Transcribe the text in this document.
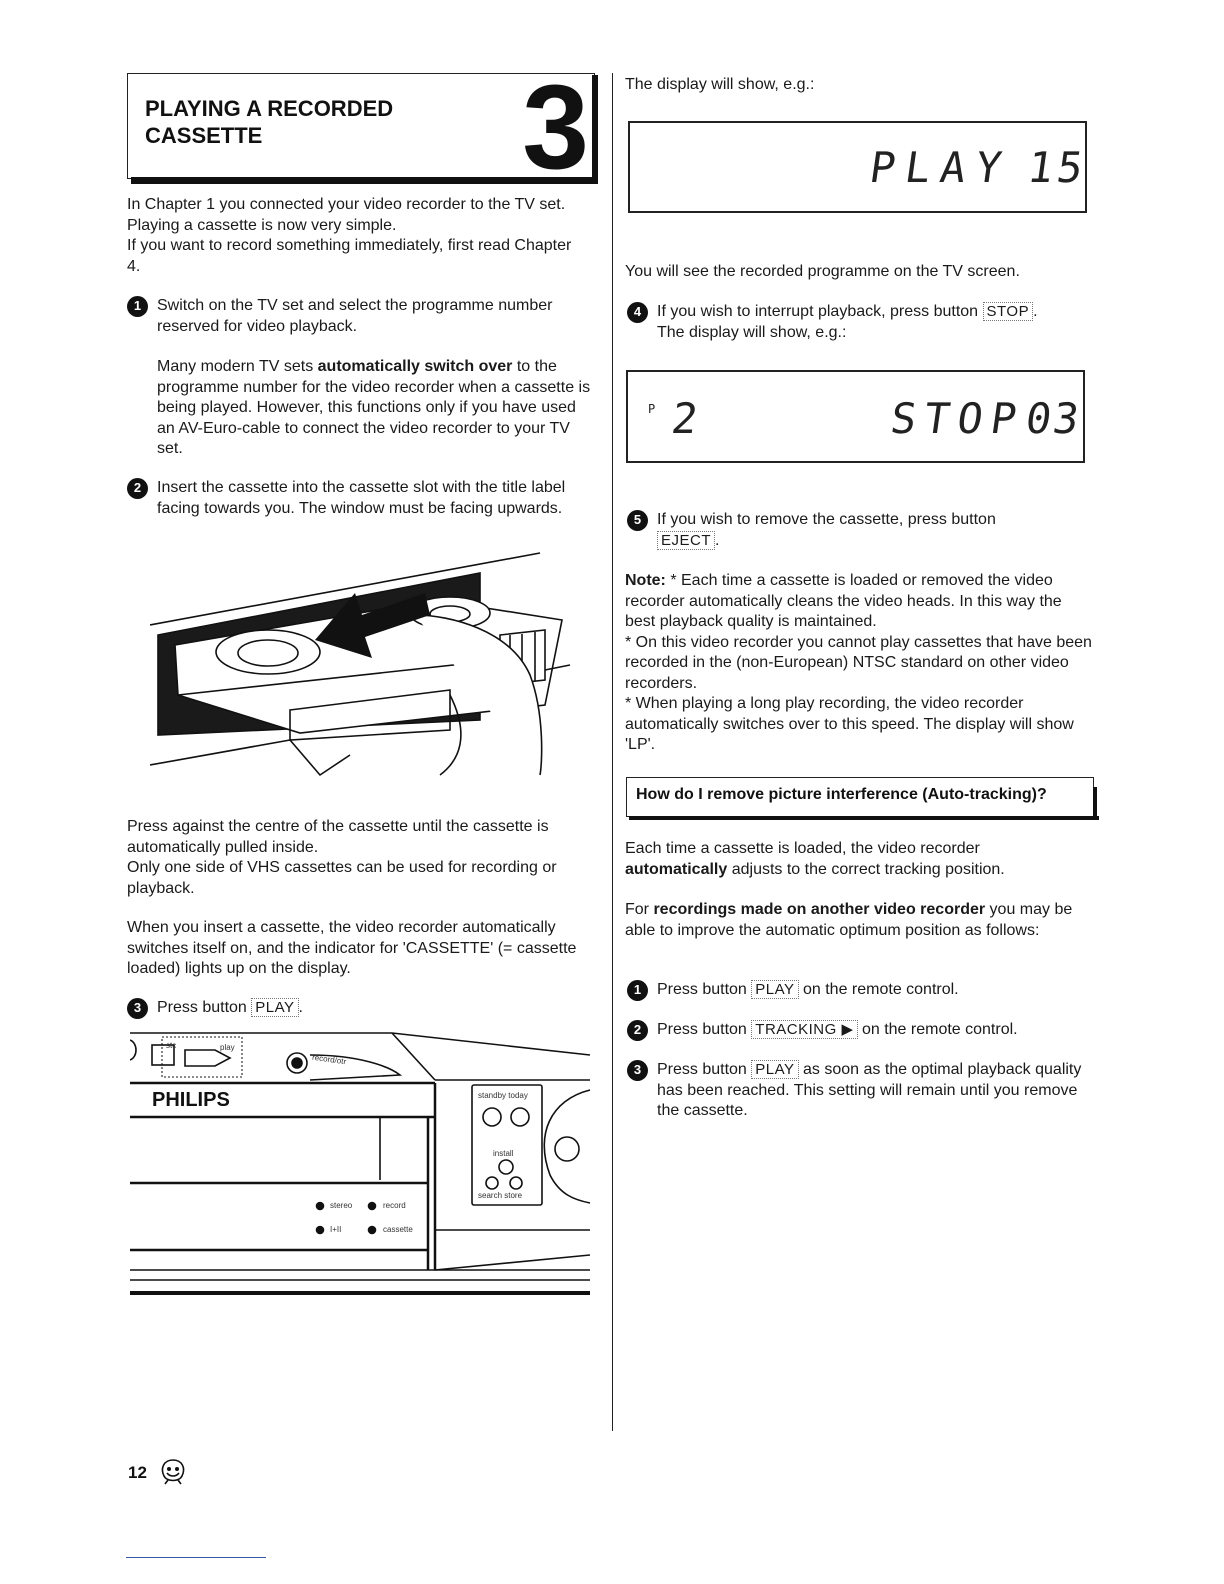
PLAYING A RECORDED
CASSETTE	3

In Chapter 1 you connected your video recorder to the TV set. Playing a cassette is now very simple.

If you want to record something immediately, first read Chapter 4.

1 Switch on the TV set and select the programme number reserved for video playback.
Many modern TV sets automatically switch over to the programme number for the video recorder when a cassette is being played. However, this functions only if you have used an AV-Euro-cable to connect the video recorder to your TV set.
2 Insert the cassette into the cassette slot with the title label facing towards you. The window must be facing upwards.

Press against the centre of the cassette until the cassette is automatically pulled inside.

Only one side of VHS cassettes can be used for recording or playback.

When you insert a cassette, the video recorder automatically switches itself on, and the indicator for 'CASSETTE' (= cassette loaded) lights up on the display.
3 Press button
PLAY .
stc	play
record/otr
PHILIPS	standby today
install
search store
stereo	record
I+II	cassette
The display will show, e.g.:
PLAY 15
You will see the recorded programme on the TV screen.
4 If you wish to interrupt playback, press button STOP .
The display will show, e.g.:
P 2	STOP
03
5 If you wish to remove the cassette, press button
EJECT .

Note: * Each time a cassette is loaded or removed the video recorder automatically cleans the video heads. In this way the best playback quality is maintained.

* On this video recorder you cannot play cassettes that have been recorded in the (non-European) NTSC standard on other video recorders.

* When playing a long play recording, the video recorder automatically switches over to this speed. The display will show 'LP'.

How do I remove picture interference (Auto-tracking)?
Each time a cassette is loaded, the video recorder automatically adjusts to the correct tracking position.
For recordings made on another video recorder you may be able to improve the automatic optimum position as follows:
1 Press button PLAY on the remote control.
2 Press button TRACKING ▶ on the remote control.
3 Press button PLAY as soon as the optimal playback quality has been reached. This setting will remain until you remove the cassette.
12
